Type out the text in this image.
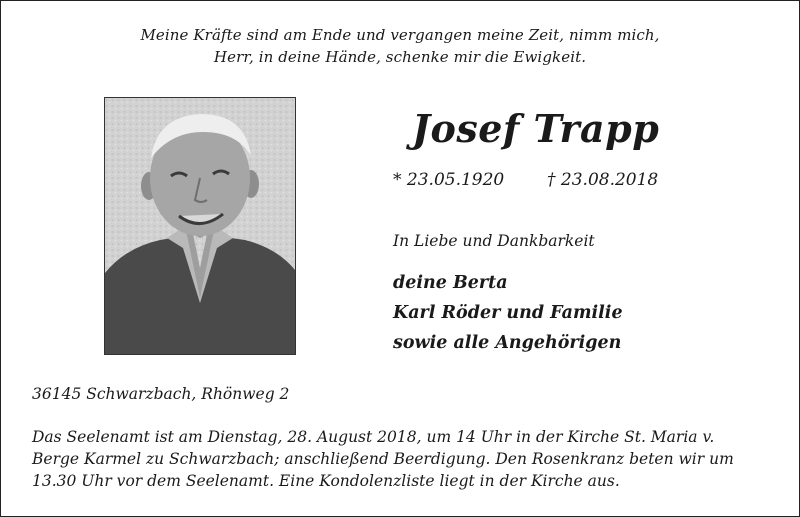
Meine Kräfte sind am Ende und vergangen meine Zeit, nimm mich,
Herr, in deine Hände, schenke mir die Ewigkeit.
Josef Trapp
* 23.05.1920	† 23.08.2018
In Liebe und Dankbarkeit
deine Berta
Karl Röder und Familie
sowie alle Angehörigen
36145 Schwarzbach, Rhönweg 2
Das Seelenamt ist am Dienstag, 28. August 2018, um 14 Uhr in der Kirche St. Maria v.
Berge Karmel zu Schwarzbach; anschließend Beerdigung. Den Rosenkranz beten wir um
13.30 Uhr vor dem Seelenamt. Eine Kondolenzliste liegt in der Kirche aus.
